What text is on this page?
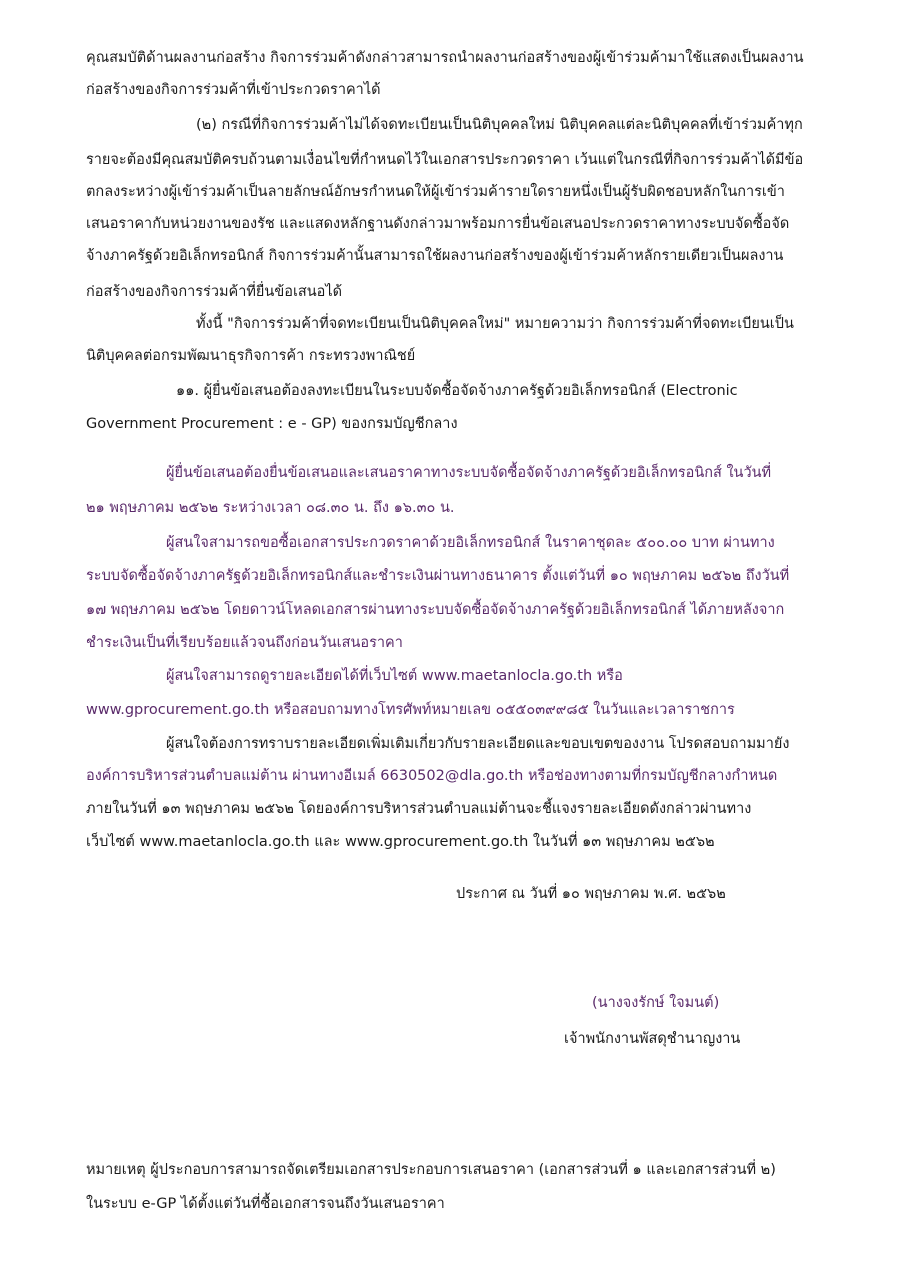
คุณสมบัติด้านผลงานก่อสร้าง กิจการร่วมค้าดังกล่าวสามารถนำผลงานก่อสร้างของผู้เข้าร่วมค้ามาใช้แสดงเป็นผลงาน
ก่อสร้างของกิจการร่วมค้าที่เข้าประกวดราคาได้
(๒) กรณีที่กิจการร่วมค้าไม่ได้จดทะเบียนเป็นนิติบุคคลใหม่ นิติบุคคลแต่ละนิติบุคคลที่เข้าร่วมค้าทุก
รายจะต้องมีคุณสมบัติครบถ้วนตามเงื่อนไขที่กำหนดไว้ในเอกสารประกวดราคา เว้นแต่ในกรณีที่กิจการร่วมค้าได้มีข้อ
ตกลงระหว่างผู้เข้าร่วมค้าเป็นลายลักษณ์อักษรกำหนดให้ผู้เข้าร่วมค้ารายใดรายหนึ่งเป็นผู้รับผิดชอบหลักในการเข้า
เสนอราคากับหน่วยงานของรัช และแสดงหลักฐานดังกล่าวมาพร้อมการยื่นข้อเสนอประกวดราคาทางระบบจัดซื้อจัด
จ้างภาครัฐด้วยอิเล็กทรอนิกส์ กิจการร่วมค้านั้นสามารถใช้ผลงานก่อสร้างของผู้เข้าร่วมค้าหลักรายเดียวเป็นผลงาน
ก่อสร้างของกิจการร่วมค้าที่ยื่นข้อเสนอได้
ทั้งนี้ "กิจการร่วมค้าที่จดทะเบียนเป็นนิติบุคคลใหม่" หมายความว่า กิจการร่วมค้าที่จดทะเบียนเป็น
นิติบุคคลต่อกรมพัฒนาธุรกิจการค้า กระทรวงพาณิชย์
๑๑. ผู้ยื่นข้อเสนอต้องลงทะเบียนในระบบจัดซื้อจัดจ้างภาครัฐด้วยอิเล็กทรอนิกส์ (Electronic
Government Procurement : e - GP) ของกรมบัญชีกลาง
ผู้ยื่นข้อเสนอต้องยื่นข้อเสนอและเสนอราคาทางระบบจัดซื้อจัดจ้างภาครัฐด้วยอิเล็กทรอนิกส์ ในวันที่
๒๑ พฤษภาคม ๒๕๖๒ ระหว่างเวลา ๐๘.๓๐ น. ถึง ๑๖.๓๐ น.
ผู้สนใจสามารถขอซื้อเอกสารประกวดราคาด้วยอิเล็กทรอนิกส์ ในราคาชุดละ ๕๐๐.๐๐ บาท ผ่านทาง
ระบบจัดซื้อจัดจ้างภาครัฐด้วยอิเล็กทรอนิกส์และชำระเงินผ่านทางธนาคาร ตั้งแต่วันที่ ๑๐ พฤษภาคม ๒๕๖๒ ถึงวันที่
๑๗ พฤษภาคม ๒๕๖๒ โดยดาวน์โหลดเอกสารผ่านทางระบบจัดซื้อจัดจ้างภาครัฐด้วยอิเล็กทรอนิกส์ ได้ภายหลังจาก
ชำระเงินเป็นที่เรียบร้อยแล้วจนถึงก่อนวันเสนอราคา
ผู้สนใจสามารถดูรายละเอียดได้ที่เว็บไซต์ www.maetanlocla.go.th หรือ
www.gprocurement.go.th หรือสอบถามทางโทรศัพท์หมายเลข ๐๕๕๐๓๙๙๘๕ ในวันและเวลาราชการ
ผู้สนใจต้องการทราบรายละเอียดเพิ่มเติมเกี่ยวกับรายละเอียดและขอบเขตของงาน โปรดสอบถามมายัง
องค์การบริหารส่วนตำบลแม่ต้าน ผ่านทางอีเมล์ 6630502@dla.go.th หรือช่องทางตามที่กรมบัญชีกลางกำหนด
ภายในวันที่ ๑๓ พฤษภาคม ๒๕๖๒ โดยองค์การบริหารส่วนตำบลแม่ต้านจะชี้แจงรายละเอียดดังกล่าวผ่านทาง
เว็บไซต์ www.maetanlocla.go.th และ www.gprocurement.go.th ในวันที่ ๑๓ พฤษภาคม ๒๕๖๒
ประกาศ ณ วันที่ ๑๐ พฤษภาคม พ.ศ. ๒๕๖๒
(นางจงรักษ์ ใจมนต์)
เจ้าพนักงานพัสดุชำนาญงาน
หมายเหตุ ผู้ประกอบการสามารถจัดเตรียมเอกสารประกอบการเสนอราคา (เอกสารส่วนที่ ๑ และเอกสารส่วนที่ ๒)
ในระบบ e-GP ได้ตั้งแต่วันที่ซื้อเอกสารจนถึงวันเสนอราคา
